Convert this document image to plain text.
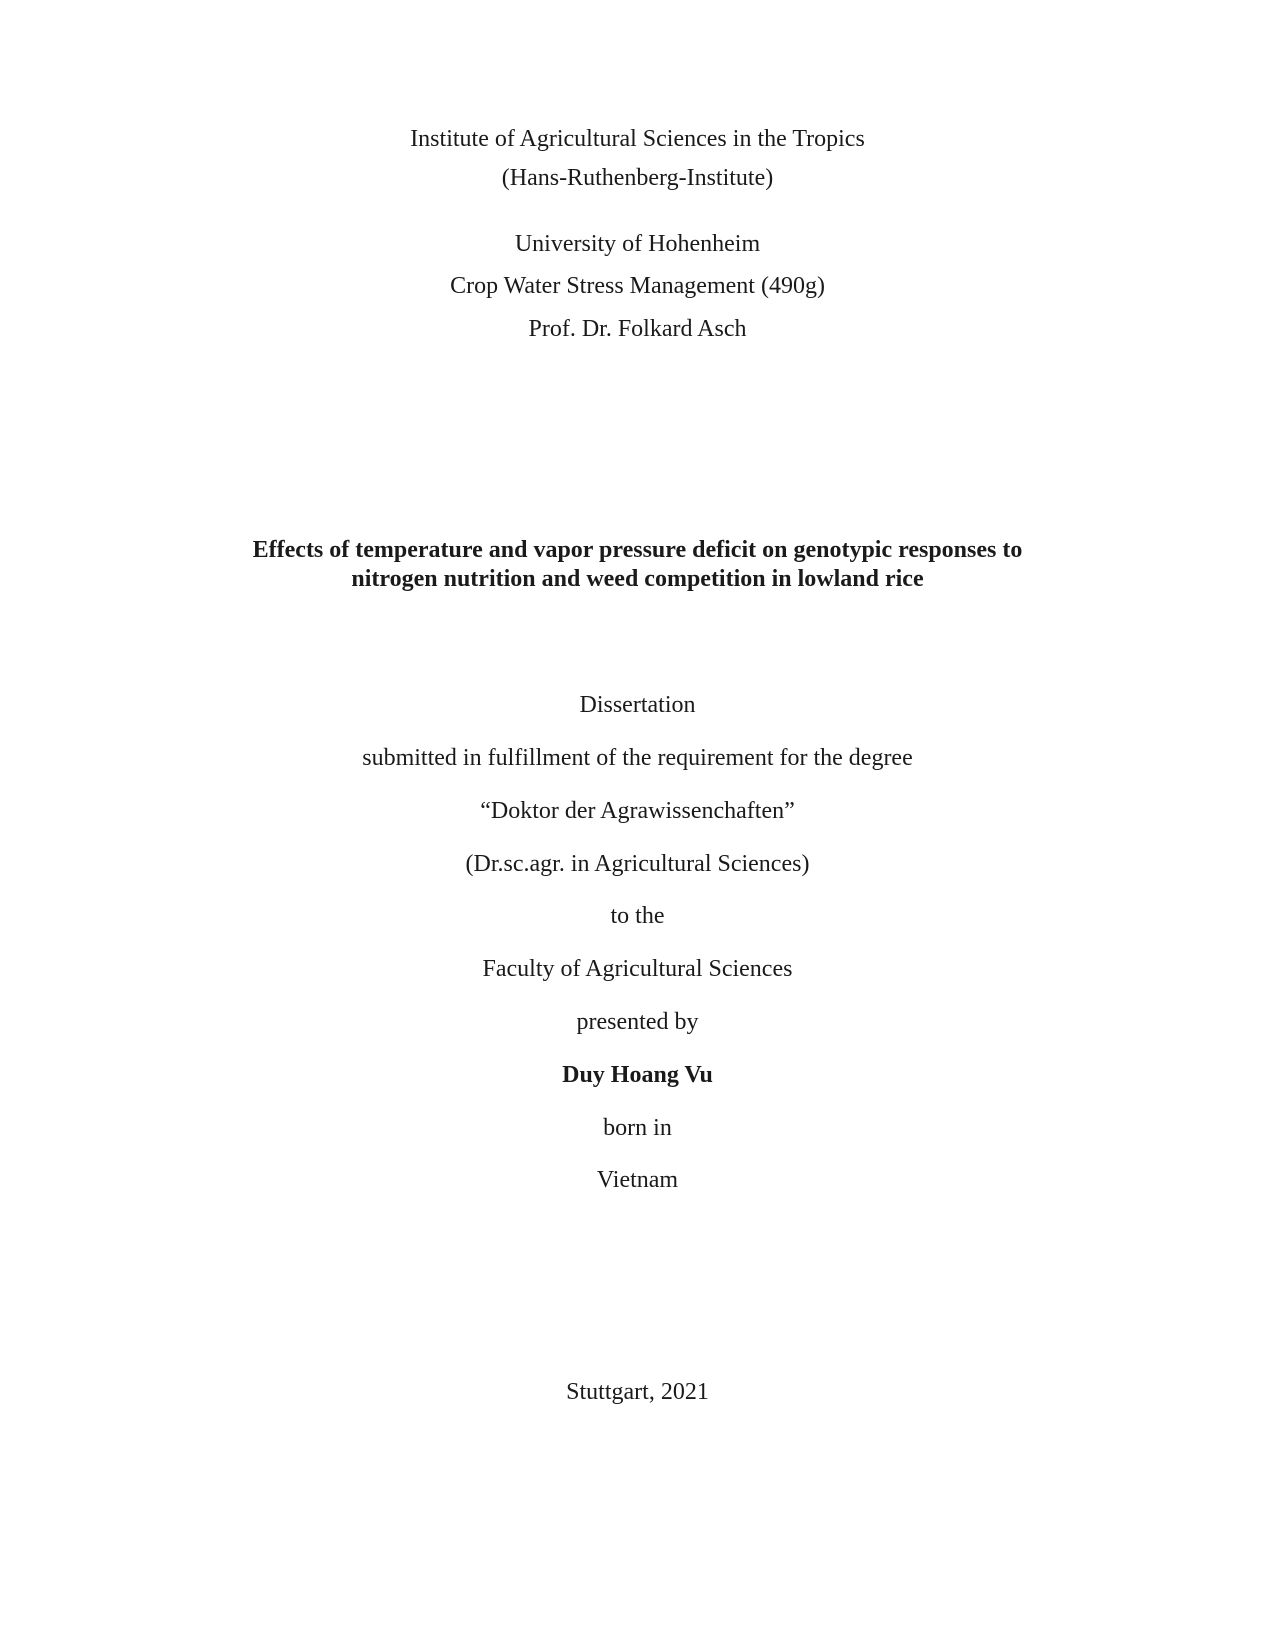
Institute of Agricultural Sciences in the Tropics
(Hans-Ruthenberg-Institute)
University of Hohenheim
Crop Water Stress Management (490g)
Prof. Dr. Folkard Asch
Effects of temperature and vapor pressure deficit on genotypic responses to
nitrogen nutrition and weed competition in lowland rice
Dissertation
submitted in fulfillment of the requirement for the degree
“Doktor der Agrawissenchaften”
(Dr.sc.agr. in Agricultural Sciences)
to the
Faculty of Agricultural Sciences
presented by
Duy Hoang Vu
born in
Vietnam
Stuttgart, 2021
